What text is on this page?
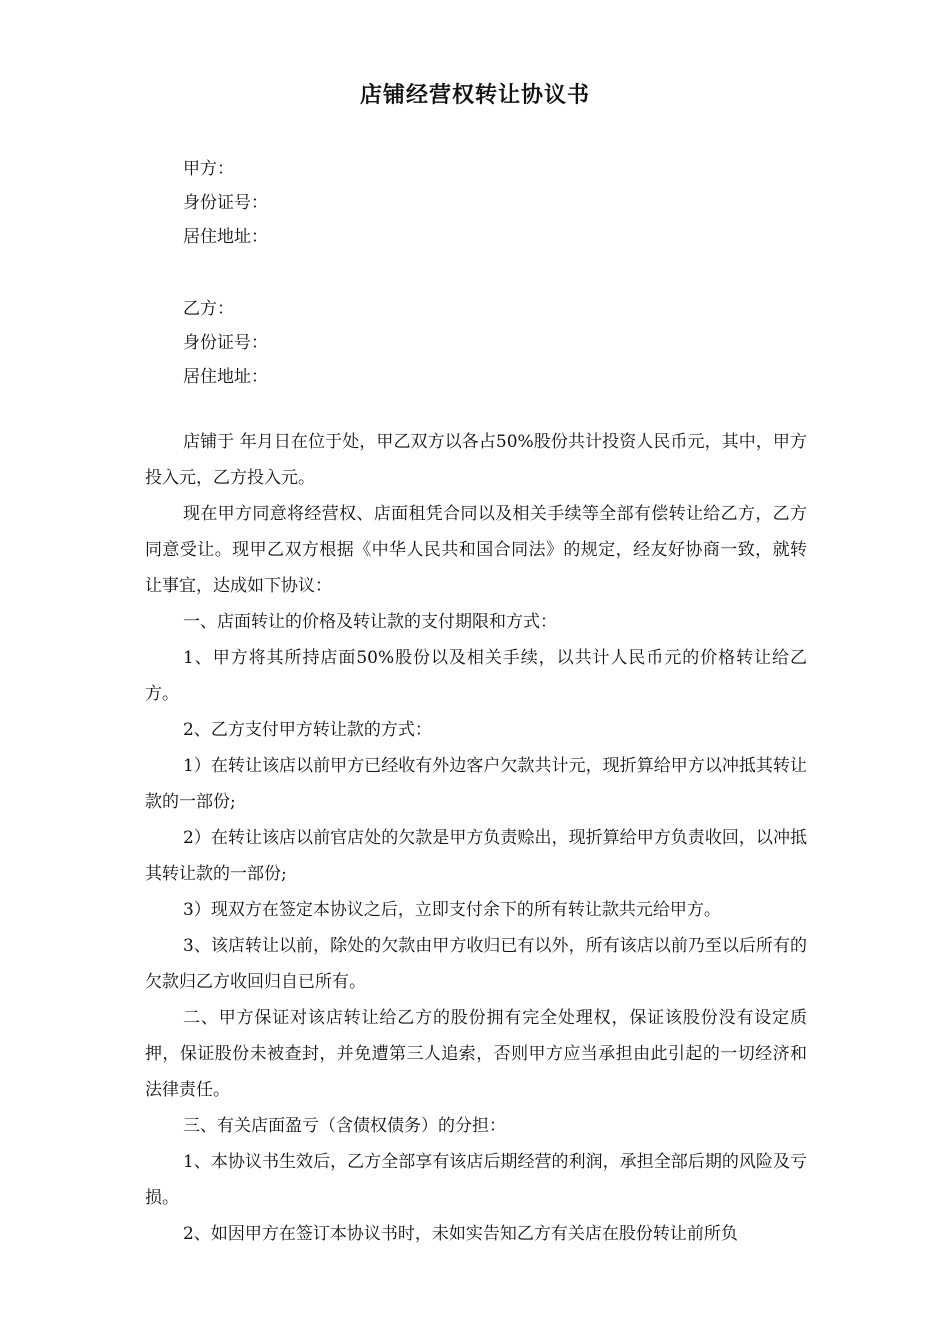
店铺经营权转让协议书
甲方：
身份证号：
居住地址：
乙方：
身份证号：
居住地址：

店铺于 年月日在位于处，甲乙双方以各占50%股份共计投资人民币元，其中，甲方投入元，乙方投入元。

现在甲方同意将经营权、店面租凭合同以及相关手续等全部有偿转让给乙方，乙方同意受让。现甲乙双方根据《中华人民共和国合同法》的规定，经友好协商一致，就转让事宜，达成如下协议：

一、店面转让的价格及转让款的支付期限和方式：

1、甲方将其所持店面50%股份以及相关手续，以共计人民币元的价格转让给乙方。

2、乙方支付甲方转让款的方式：

1）在转让该店以前甲方已经收有外边客户欠款共计元，现折算给甲方以冲抵其转让款的一部份;

2）在转让该店以前官店处的欠款是甲方负责赊出，现折算给甲方负责收回，以冲抵其转让款的一部份;

3）现双方在签定本协议之后，立即支付余下的所有转让款共元给甲方。

3、该店转让以前，除处的欠款由甲方收归已有以外，所有该店以前乃至以后所有的欠款归乙方收回归自已所有。

二、甲方保证对该店转让给乙方的股份拥有完全处理权，保证该股份没有设定质押，保证股份未被查封，并免遭第三人追索，否则甲方应当承担由此引起的一切经济和法律责任。

三、有关店面盈亏（含债权债务）的分担：

1、本协议书生效后，乙方全部享有该店后期经营的利润，承担全部后期的风险及亏损。

2、如因甲方在签订本协议书时，未如实告知乙方有关店在股份转让前所负
